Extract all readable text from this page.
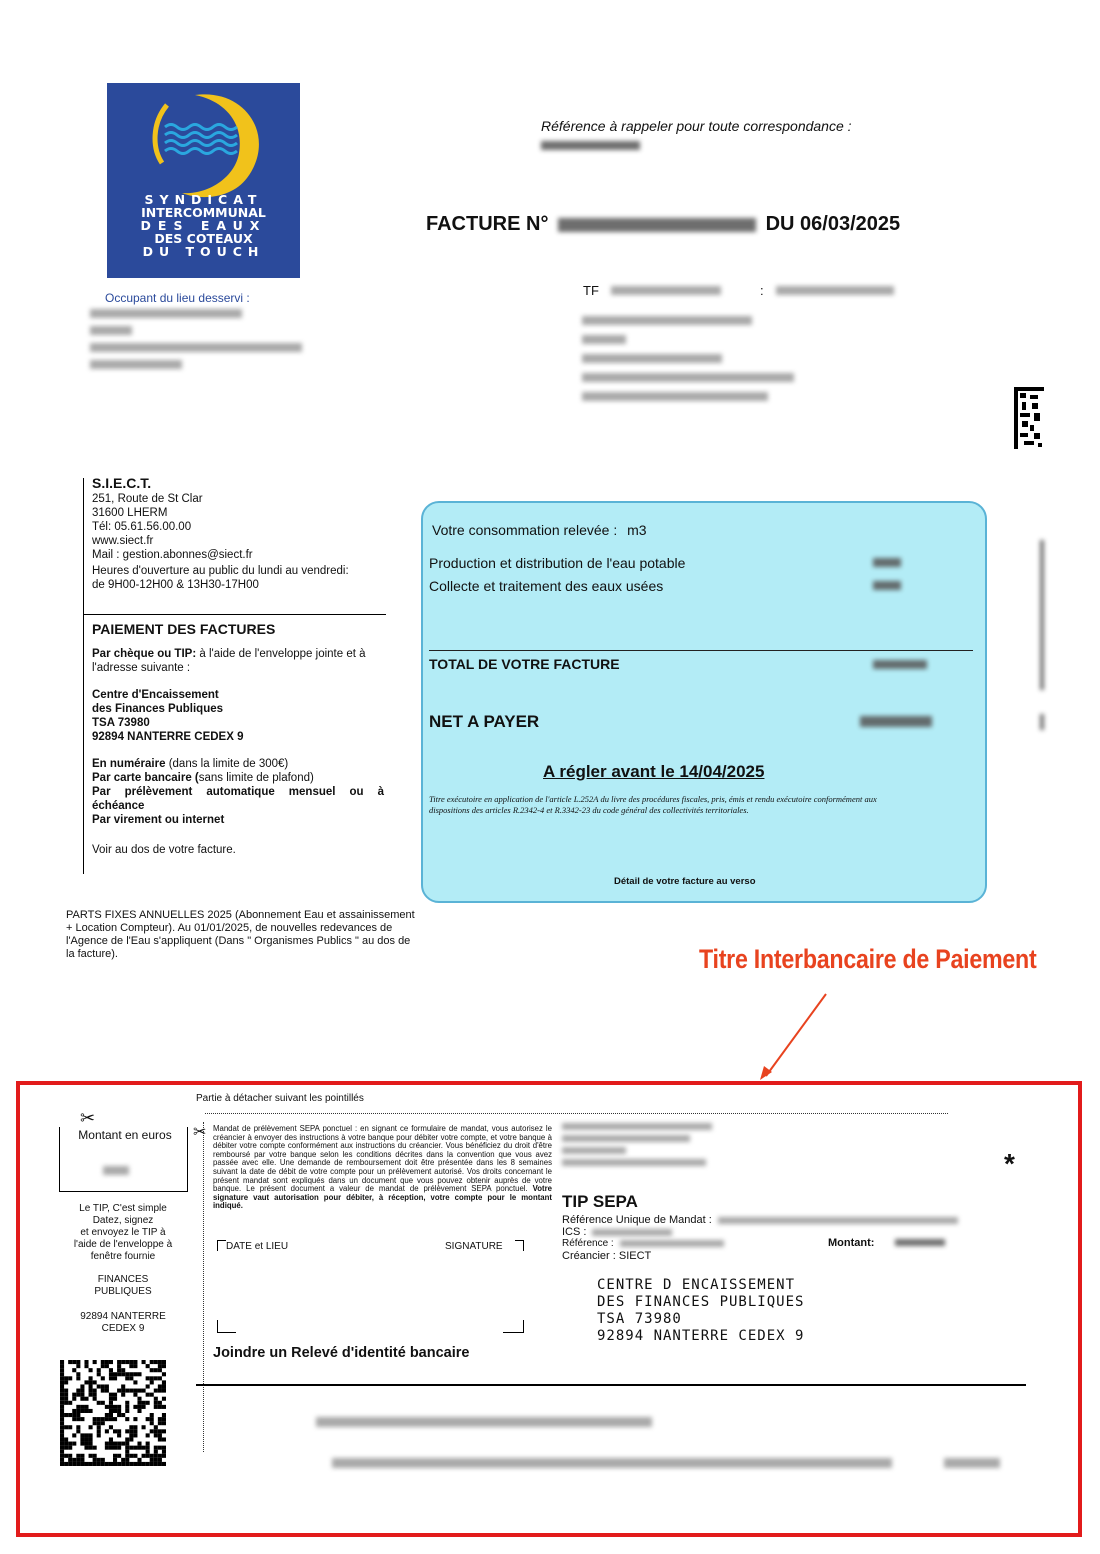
SYNDICAT
INTERCOMMUNAL
DES EAUX
DES COTEAUX
DU TOUCH
Occupant du lieu desservi :
Référence à rappeler pour toute correspondance :
FACTURE N°	DU 06/03/2025
TF	:
S.I.E.C.T.
251, Route de St Clar
31600 LHERM
Tél: 05.61.56.00.00
www.siect.fr
Mail : gestion.abonnes@siect.fr
Heures d'ouverture au public du lundi au vendredi:
de 9H00-12H00 & 13H30-17H00
PAIEMENT DES FACTURES

Par chèque ou TIP: à l'aide de l'enveloppe jointe et à l'adresse suivante :

Centre d'Encaissement
des Finances Publiques
TSA 73980
92894 NANTERRE CEDEX 9

En numéraire (dans la limite de 300€)
Par carte bancaire (sans limite de plafond)
Par prélèvement automatique mensuel ou à échéance
Par virement ou internet
Voir au dos de votre facture.
Votre consommation relevée : m3
Production et distribution de l'eau potable
Collecte et traitement des eaux usées
TOTAL DE VOTRE FACTURE
NET A PAYER
A régler avant le 14/04/2025
Titre exécutoire en application de l'article L.252A du livre des procédures fiscales, pris, émis et rendu exécutoire conformément aux dispositions des articles R.2342-4 et R.3342-23 du code général des collectivités territoriales.
Détail de votre facture au verso
PARTS FIXES ANNUELLES 2025 (Abonnement Eau et assainissement + Location Compteur). Au 01/01/2025, de nouvelles redevances de l'Agence de l'Eau s'appliquent (Dans " Organismes Publics " au dos de la facture).	Titre Interbancaire de Paiement
Partie à détacher suivant les pointillés
✂
Montant en euros
Le TIP, C'est simple
Datez, signez
et envoyez le TIP à
l'aide de l'enveloppe à
fenêtre fournie
FINANCES
PUBLIQUES
92894 NANTERRE
CEDEX 9
✂ Mandat de prélèvement SEPA ponctuel : en signant ce formulaire de mandat, vous autorisez le créancier à envoyer des instructions à votre banque pour débiter votre compte, et votre banque à débiter votre compte conformément aux instructions du créancier. Vous bénéficiez du droit d'être remboursé par votre banque selon les conditions décrites dans la convention que vous avez passée avec elle. Une demande de remboursement doit être présentée dans les 8 semaines suivant la date de débit de votre compte pour un prélèvement autorisé. Vos droits concernant le présent mandat sont expliqués dans un document que vous pouvez obtenir auprès de votre banque. Le présent document a valeur de mandat de prélèvement SEPA ponctuel. Votre signature vaut autorisation pour débiter, à réception, votre compte pour le montant indiqué.
DATE et LIEU	SIGNATURE
Joindre un Relevé d'identité bancaire
TIP SEPA
Référence Unique de Mandat :
ICS :
Référence :
Créancier : SIECT
Montant:
CENTRE D ENCAISSEMENT
DES FINANCES PUBLIQUES
TSA 73980
92894 NANTERRE CEDEX 9
*
